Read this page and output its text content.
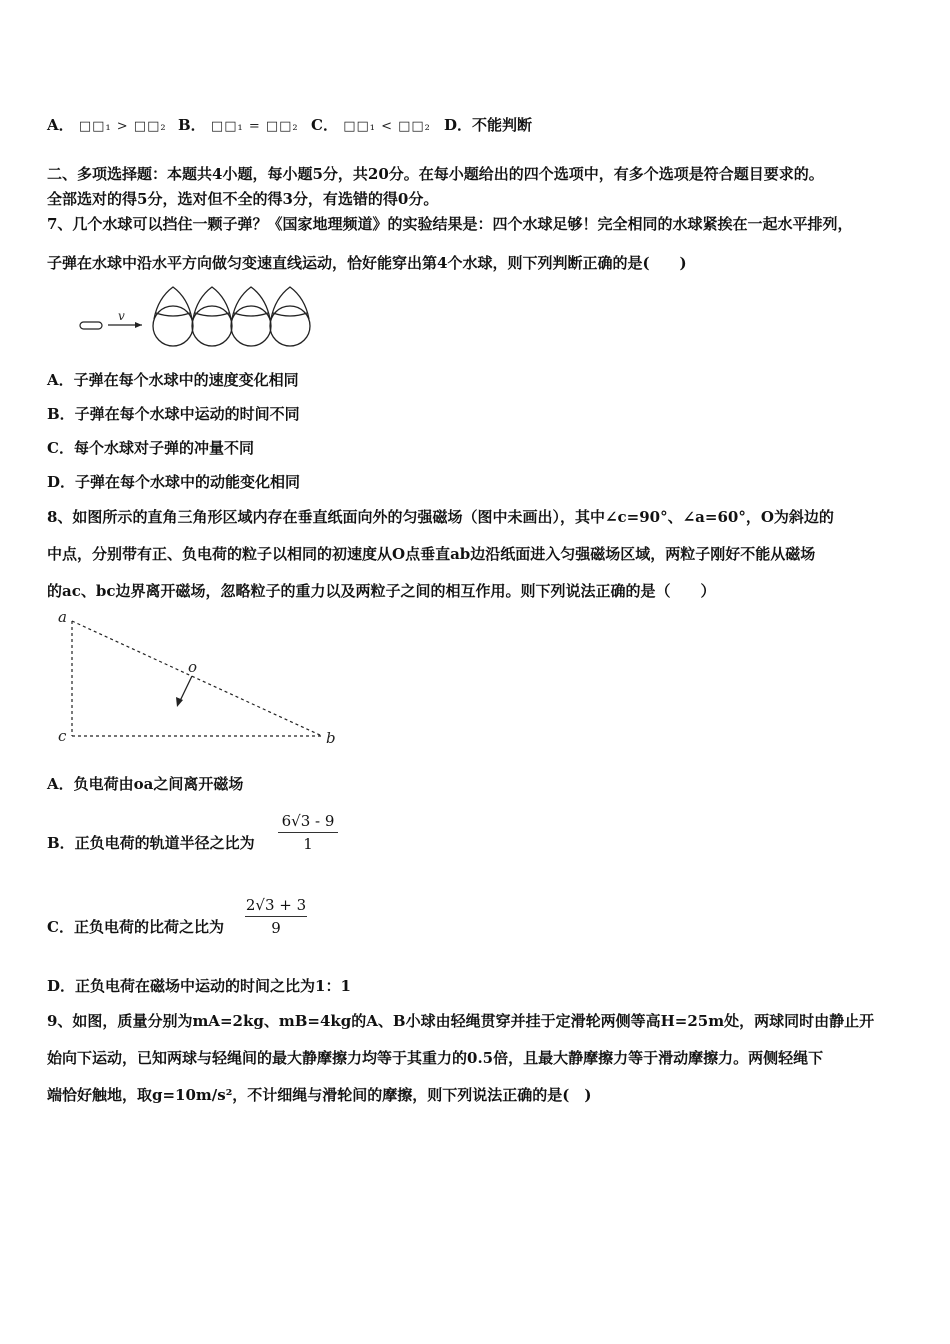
A． □□₁ > □□₂ B． □□₁ = □□₂ C． □□₁ < □□₂ D．不能判断
二、多项选择题：本题共4小题，每小题5分，共20分。在每小题给出的四个选项中，有多个选项是符合题目要求的。
全部选对的得5分，选对但不全的得3分，有选错的得0分。
7、几个水球可以挡住一颗子弹？《国家地理频道》的实验结果是：四个水球足够！完全相同的水球紧挨在一起水平排列，
子弹在水球中沿水平方向做匀变速直线运动，恰好能穿出第4个水球，则下列判断正确的是(　　)
v
A．子弹在每个水球中的速度变化相同
B．子弹在每个水球中运动的时间不同
C．每个水球对子弹的冲量不同
D．子弹在每个水球中的动能变化相同
8、如图所示的直角三角形区域内存在垂直纸面向外的匀强磁场（图中未画出），其中∠c=90°、∠a=60°，O为斜边的
中点，分别带有正、负电荷的粒子以相同的初速度从O点垂直ab边沿纸面进入匀强磁场区域，两粒子刚好不能从磁场
的ac、bc边界离开磁场，忽略粒子的重力以及两粒子之间的相互作用。则下列说法正确的是（　　）
a
c	b
o
A．负电荷由oa之间离开磁场
B．正负电荷的轨道半径之比为
6√3 - 9
1
C．正负电荷的比荷之比为
2√3 + 3
9
D．正负电荷在磁场中运动的时间之比为1：1
9、如图，质量分别为mA=2kg、mB=4kg的A、B小球由轻绳贯穿并挂于定滑轮两侧等高H=25m处，两球同时由静止开
始向下运动，已知两球与轻绳间的最大静摩擦力均等于其重力的0.5倍，且最大静摩擦力等于滑动摩擦力。两侧轻绳下
端恰好触地，取g=10m/s²，不计细绳与滑轮间的摩擦，则下列说法正确的是(　)
